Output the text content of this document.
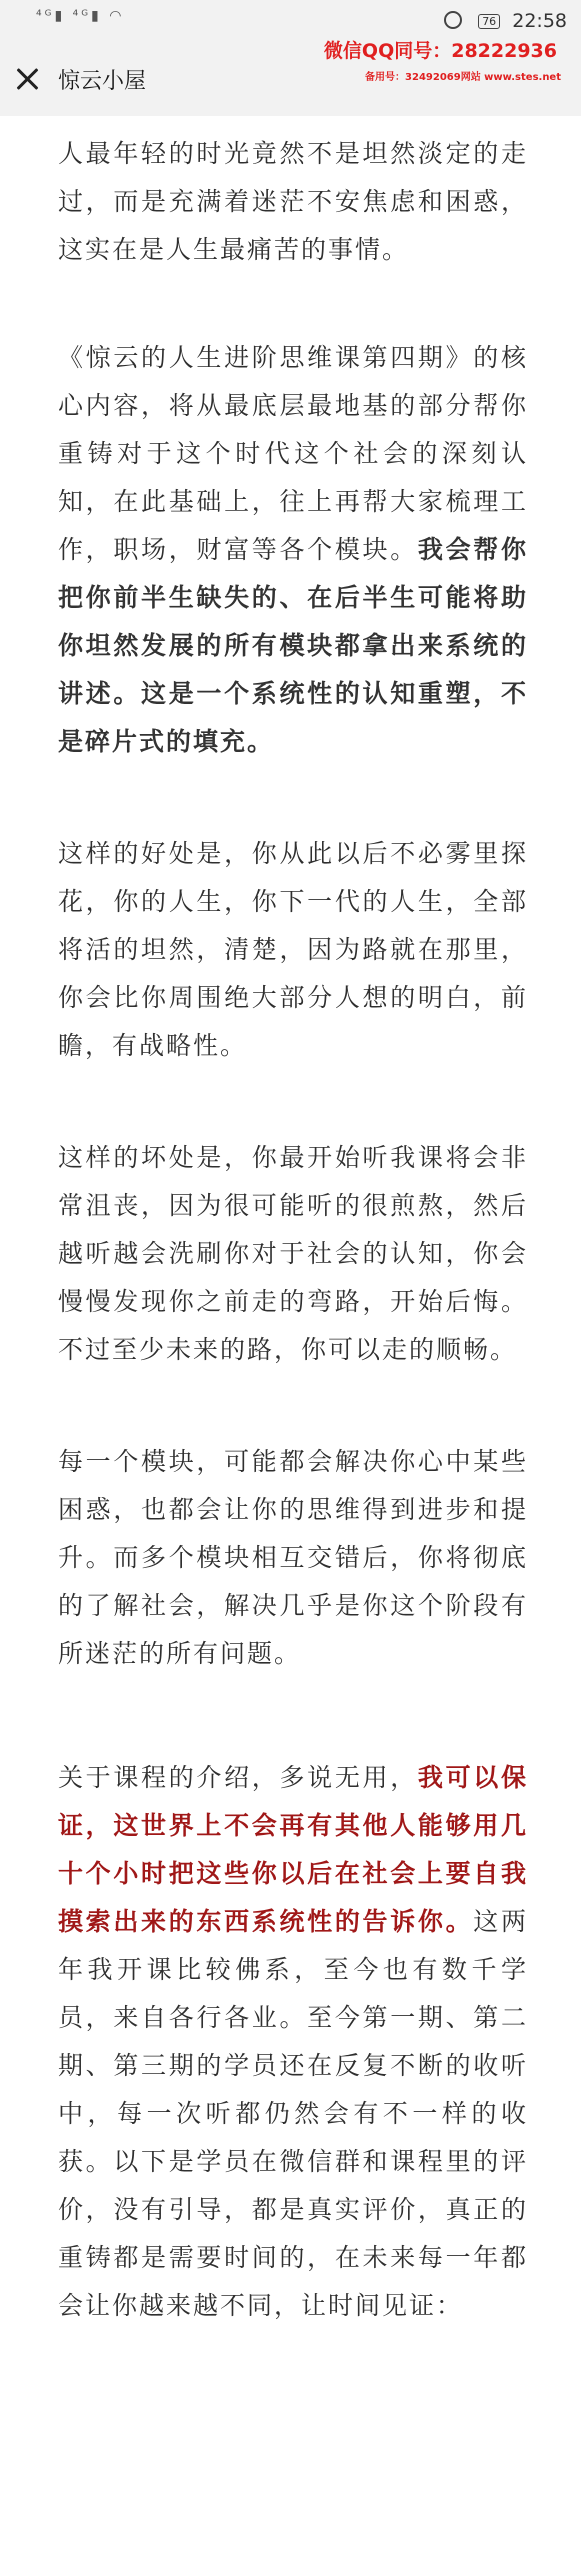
⁴ᴳ▮ ⁴ᴳ▮ ◠	76 22:58
惊云小屋
微信QQ同号：28222936
备用号：32492069网站 www.stes.net

人最年轻的时光竟然不是坦然淡定的走过，而是充满着迷茫不安焦虑和困惑，这实在是人生最痛苦的事情。

《惊云的人生进阶思维课第四期》的核心内容，将从最底层最地基的部分帮你重铸对于这个时代这个社会的深刻认知，在此基础上，往上再帮大家梳理工作，职场，财富等各个模块。我会帮你把你前半生缺失的、在后半生可能将助你坦然发展的所有模块都拿出来系统的讲述。这是一个系统性的认知重塑，不是碎片式的填充。

这样的好处是，你从此以后不必雾里探花，你的人生，你下一代的人生，全部将活的坦然，清楚，因为路就在那里，你会比你周围绝大部分人想的明白，前瞻，有战略性。

这样的坏处是，你最开始听我课将会非常沮丧，因为很可能听的很煎熬，然后越听越会洗刷你对于社会的认知，你会慢慢发现你之前走的弯路，开始后悔。不过至少未来的路，你可以走的顺畅。

每一个模块，可能都会解决你心中某些困惑，也都会让你的思维得到进步和提升。而多个模块相互交错后，你将彻底的了解社会，解决几乎是你这个阶段有所迷茫的所有问题。

关于课程的介绍，多说无用，我可以保证，这世界上不会再有其他人能够用几十个小时把这些你以后在社会上要自我摸索出来的东西系统性的告诉你。这两年我开课比较佛系，至今也有数千学员，来自各行各业。至今第一期、第二期、第三期的学员还在反复不断的收听中，每一次听都仍然会有不一样的收获。以下是学员在微信群和课程里的评价，没有引导，都是真实评价，真正的重铸都是需要时间的，在未来每一年都会让你越来越不同，让时间见证：
